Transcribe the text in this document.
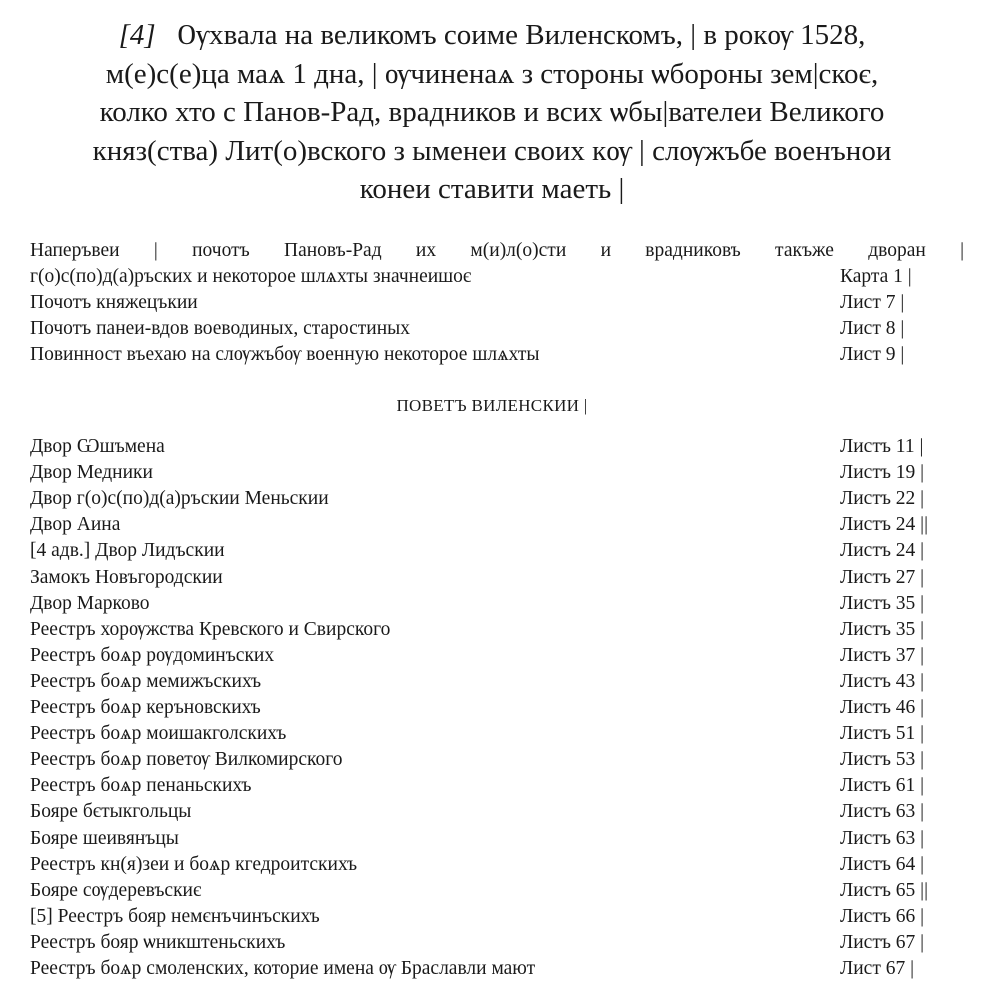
[4] Ѹхвала на великомъ соиме Виленскомъ, | в рокѹ 1528,
м(е)с(е)ца маѧ 1 дна, | ѹчиненаѧ з стороны ѡбороны зем|скоє,
колко хто с Панов-Рад, врадников и всих ѡбы|вателеи Великого
княз(ства) Лит(о)вского з ыменеи своих кѹ | слѹжъбе военънои
конеи ставити маеть |
Наперъвеи | почотъ Пановъ-Рад их м(и)л(о)сти и врадниковъ такъже дворан |
г(о)с(по)д(а)ръских и некоторое шлѧхты значнеишоє	Карта 1 |
Почотъ княжецъкии	Лист 7 |
Почотъ панеи-вдов воеводиных, старостиных	Лист 8 |
Повинност въехаю на слѹжъбѹ военную некоторое шлѧхты	Лист 9 |
ПОВЕТЪ ВИЛЕНСКИИ |
Двор Ѡшъмена	Листъ 11 |
Двор Медники	Листъ 19 |
Двор г(о)с(по)д(а)ръскии Меньскии	Листъ 22 |
Двор Аина	Листъ 24 ||
[4 адв.] Двор Лидъскии	Листъ 24 |
Замокъ Новъгородскии	Листъ 27 |
Двор Марково	Листъ 35 |
Реестръ хорѹжства Кревского и Свирского	Листъ 35 |
Реестръ боѧр рѹдоминъских	Листъ 37 |
Реестръ боѧр мемижъскихъ	Листъ 43 |
Реестръ боѧр керъновскихъ	Листъ 46 |
Реестръ боѧр моишакголскихъ	Листъ 51 |
Реестръ боѧр поветѹ Вилкомирского	Листъ 53 |
Реестръ боѧр пенаньскихъ	Листъ 61 |
Бояре бєтыкгольцы	Листъ 63 |
Бояре шеивянъцы	Листъ 63 |
Реестръ кн(я)зеи и боѧр кгедроитскихъ	Листъ 64 |
Бояре сѹдеревъскиє	Листъ 65 ||
[5] Реестръ бояр немєнъчинъскихъ	Листъ 66 |
Реестръ бояр ѡникштеньскихъ	Листъ 67 |
Реестръ боѧр смоленских, которие имена ѹ Браславли мают	Лист 67 |
